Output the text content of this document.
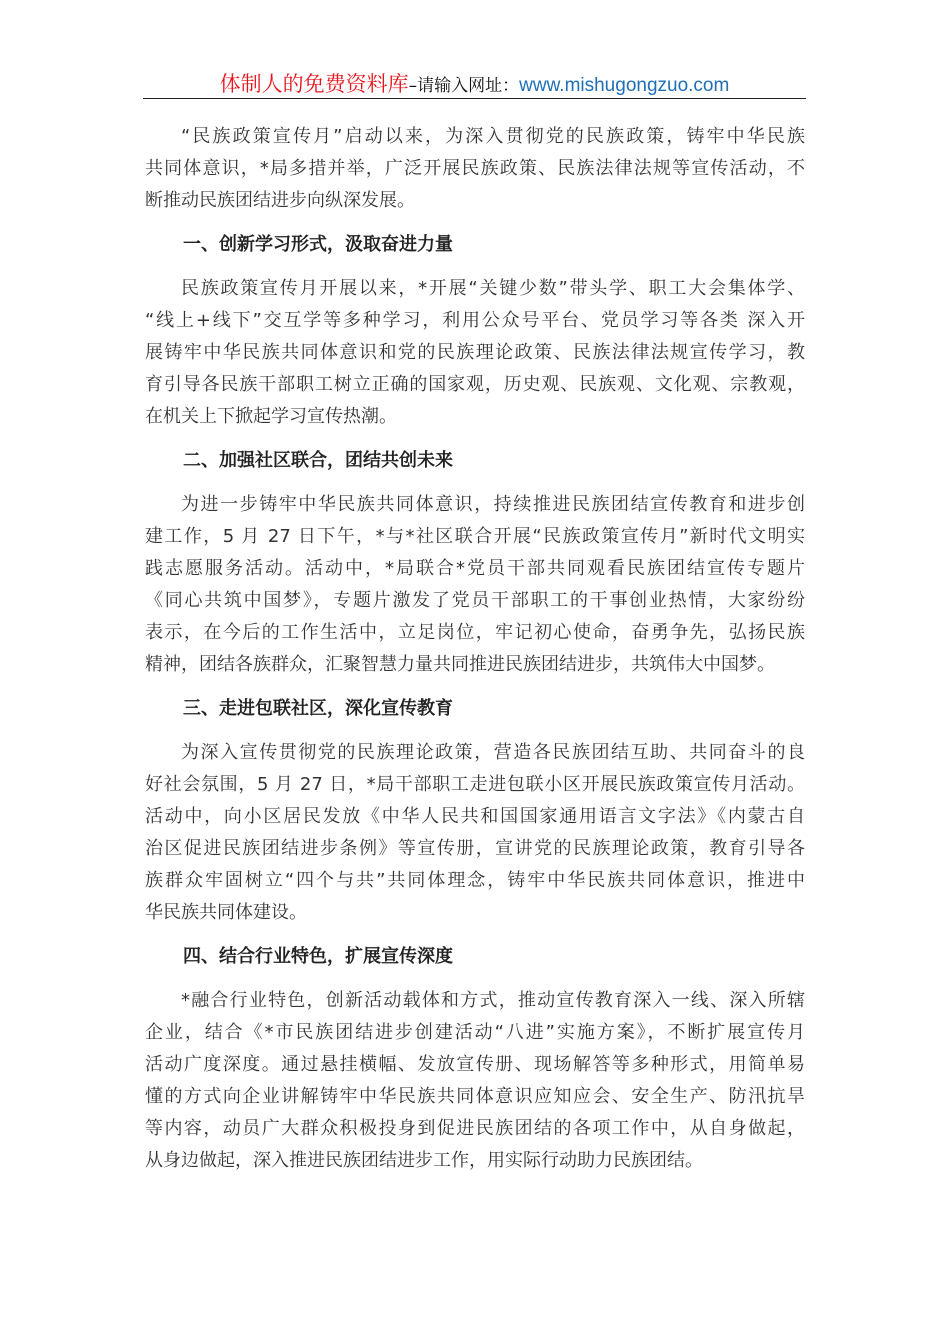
体制人的免费资料库–请输入网址：www.mishugongzuo.com
“民族政策宣传月”启动以来，为深入贯彻党的民族政策，铸牢中华民族
共同体意识，*局多措并举，广泛开展民族政策、民族法律法规等宣传活动，不
断推动民族团结进步向纵深发展。
一、创新学习形式，汲取奋进力量
民族政策宣传月开展以来，*开展“关键少数”带头学、职工大会集体学、
“线上+线下”交互学等多种学习，利用公众号平台、党员学习等各类 深入开
展铸牢中华民族共同体意识和党的民族理论政策、民族法律法规宣传学习，教
育引导各民族干部职工树立正确的国家观，历史观、民族观、文化观、宗教观，
在机关上下掀起学习宣传热潮。
二、加强社区联合，团结共创未来
为进一步铸牢中华民族共同体意识，持续推进民族团结宣传教育和进步创
建工作，5 月 27 日下午，*与*社区联合开展“民族政策宣传月”新时代文明实
践志愿服务活动。活动中，*局联合*党员干部共同观看民族团结宣传专题片
《同心共筑中国梦》，专题片激发了党员干部职工的干事创业热情，大家纷纷
表示，在今后的工作生活中，立足岗位，牢记初心使命，奋勇争先，弘扬民族
精神，团结各族群众，汇聚智慧力量共同推进民族团结进步，共筑伟大中国梦。
三、走进包联社区，深化宣传教育
为深入宣传贯彻党的民族理论政策，营造各民族团结互助、共同奋斗的良
好社会氛围，5 月 27 日，*局干部职工走进包联小区开展民族政策宣传月活动。
活动中，向小区居民发放《中华人民共和国国家通用语言文字法》《内蒙古自
治区促进民族团结进步条例》等宣传册，宣讲党的民族理论政策，教育引导各
族群众牢固树立“四个与共”共同体理念，铸牢中华民族共同体意识，推进中
华民族共同体建设。
四、结合行业特色，扩展宣传深度
*融合行业特色，创新活动载体和方式，推动宣传教育深入一线、深入所辖
企业，结合《*市民族团结进步创建活动“八进”实施方案》，不断扩展宣传月
活动广度深度。通过悬挂横幅、发放宣传册、现场解答等多种形式，用简单易
懂的方式向企业讲解铸牢中华民族共同体意识应知应会、安全生产、防汛抗旱
等内容，动员广大群众积极投身到促进民族团结的各项工作中，从自身做起，
从身边做起，深入推进民族团结进步工作，用实际行动助力民族团结。
